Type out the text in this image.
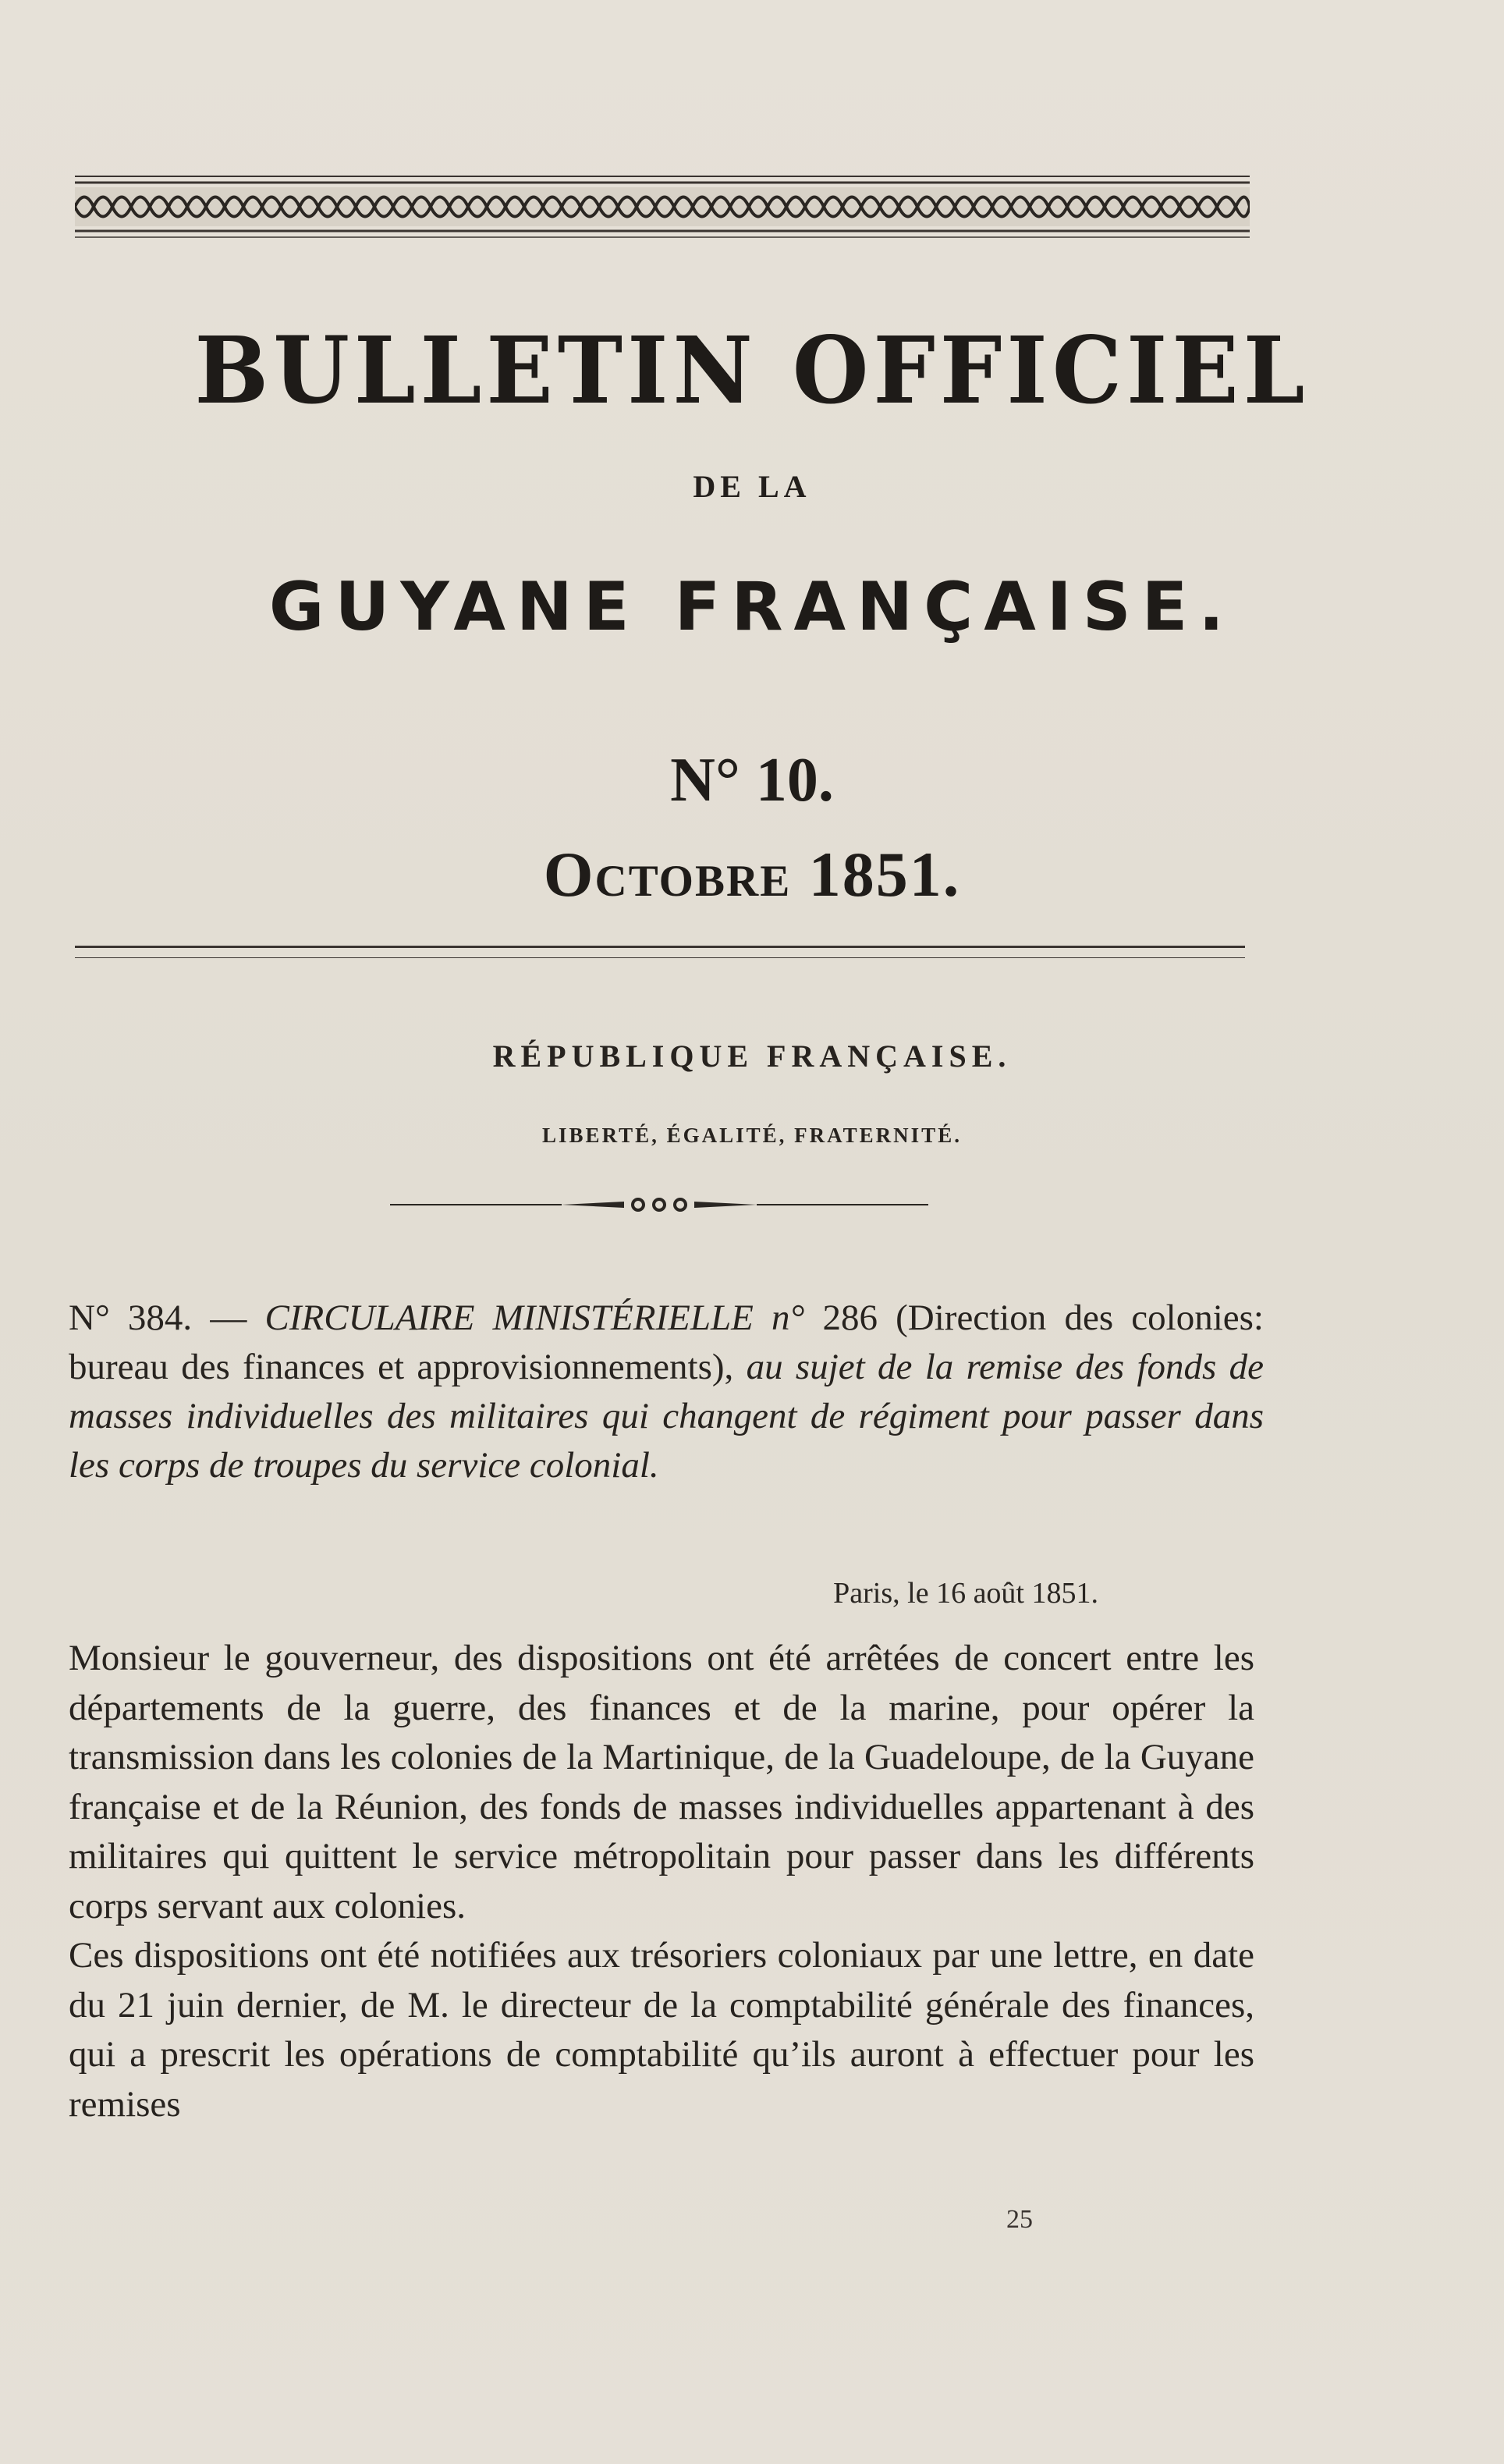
BULLETIN OFFICIEL
DE LA
GUYANE FRANÇAISE.
N° 10.
Octobre 1851.
RÉPUBLIQUE FRANÇAISE.
LIBERTÉ, ÉGALITÉ, FRATERNITÉ.
N° 384. — CIRCULAIRE MINISTÉRIELLE n° 286 (Direction des colonies: bureau des finances et approvisionnements), au sujet de la remise des fonds de masses individuelles des militaires qui changent de régiment pour passer dans les corps de troupes du service colonial.
Paris, le 16 août 1851.

Monsieur le gouverneur, des dispositions ont été arrêtées de concert entre les départements de la guerre, des finances et de la marine, pour opérer la transmission dans les colonies de la Martinique, de la Guadeloupe, de la Guyane française et de la Réunion, des fonds de masses individuelles appartenant à des militaires qui quittent le service métropolitain pour passer dans les différents corps servant aux colonies.

Ces dispositions ont été notifiées aux trésoriers coloniaux par une lettre, en date du 21 juin dernier, de M. le directeur de la comptabilité générale des finances, qui a prescrit les opérations de comptabilité qu’ils auront à effectuer pour les remises

25
